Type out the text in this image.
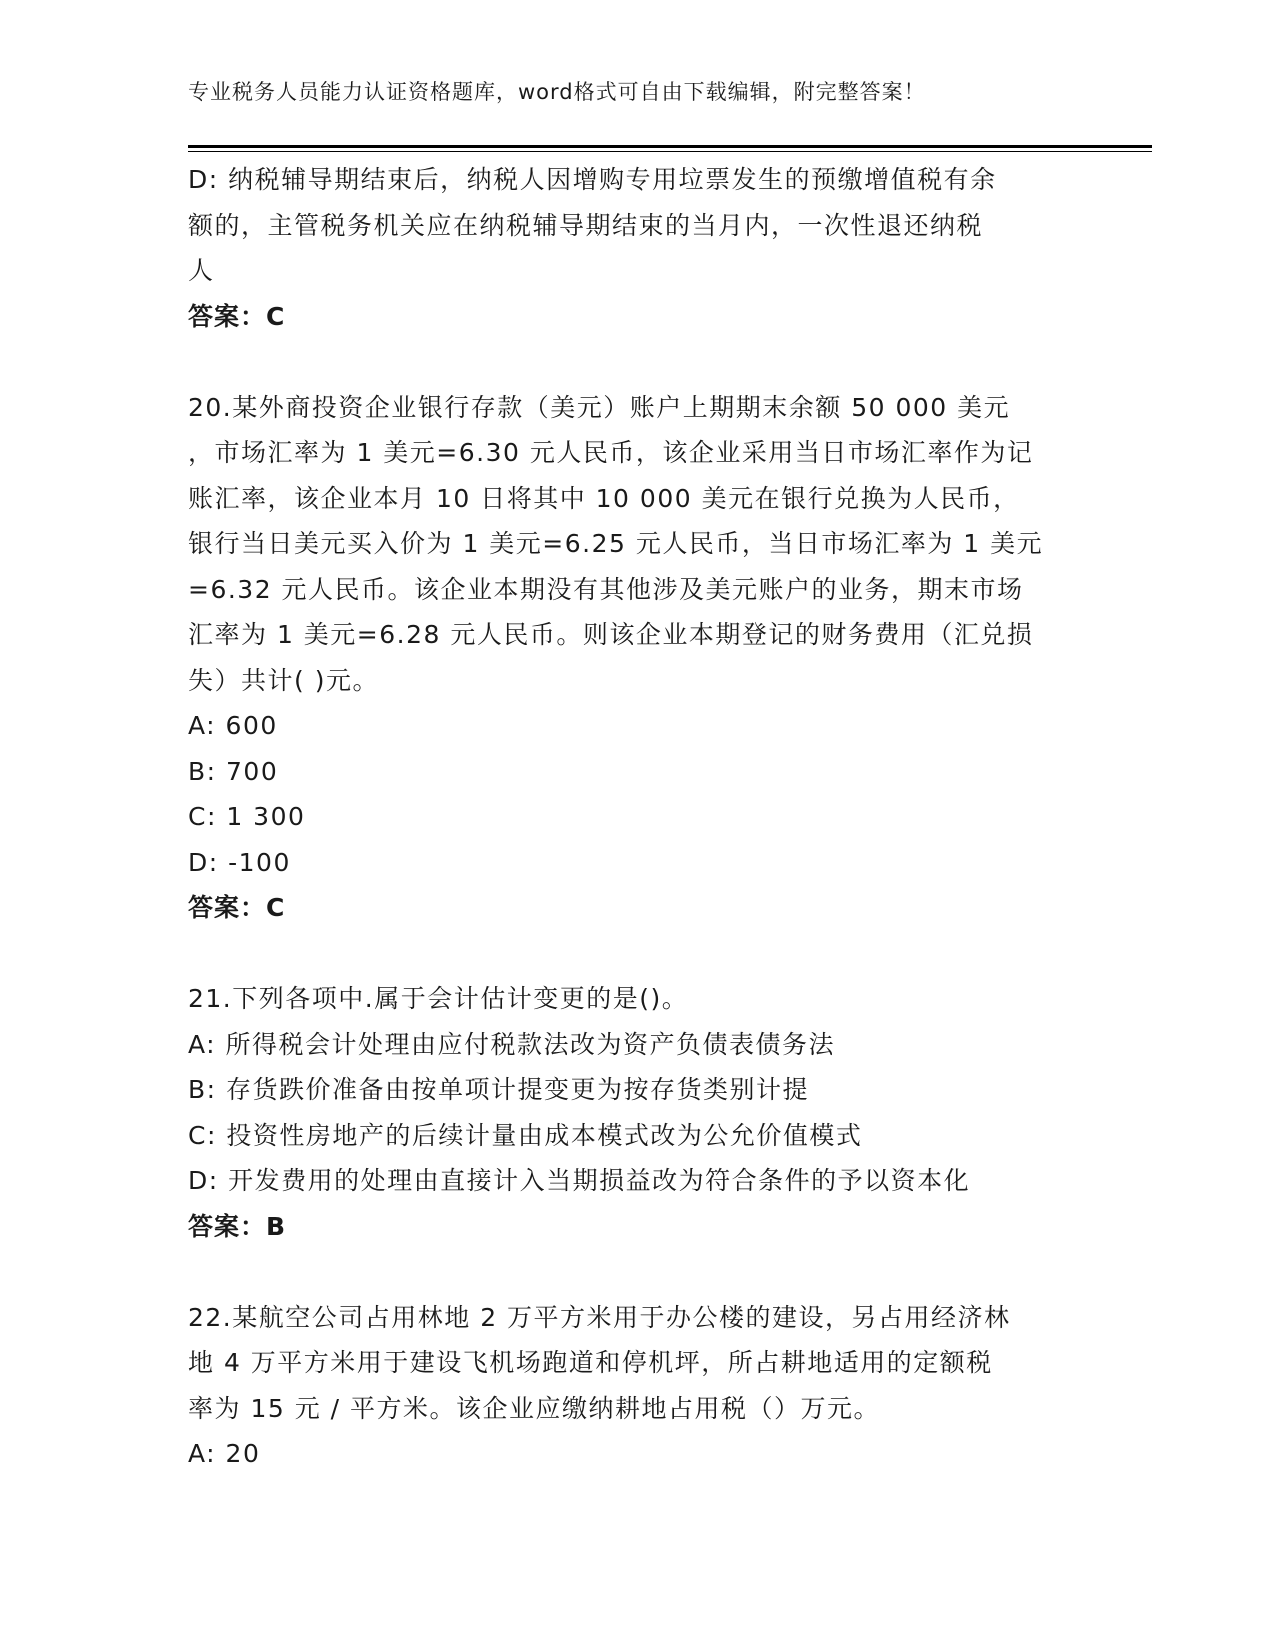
专业税务人员能力认证资格题库，word格式可自由下载编辑，附完整答案！
D: 纳税辅导期结束后，纳税人因增购专用垃票发生的预缴增值税有余
额的，主管税务机关应在纳税辅导期结束的当月内，一次性退还纳税
人
答案：C
20.某外商投资企业银行存款（美元）账户上期期末余额 50 000 美元
，市场汇率为 1 美元=6.30 元人民币，该企业采用当日市场汇率作为记
账汇率，该企业本月 10 日将其中 10 000 美元在银行兑换为人民币，
银行当日美元买入价为 1 美元=6.25 元人民币，当日市场汇率为 1 美元
=6.32 元人民币。该企业本期没有其他涉及美元账户的业务，期末市场
汇率为 1 美元=6.28 元人民币。则该企业本期登记的财务费用（汇兑损
失）共计( )元。
A: 600
B: 700
C: 1 300
D: -100
答案：C
21.下列各项中.属于会计估计变更的是()。
A: 所得税会计处理由应付税款法改为资产负债表债务法
B: 存货跌价准备由按单项计提变更为按存货类别计提
C: 投资性房地产的后续计量由成本模式改为公允价值模式
D: 开发费用的处理由直接计入当期损益改为符合条件的予以资本化
答案：B
22.某航空公司占用林地 2 万平方米用于办公楼的建设，另占用经济林
地 4 万平方米用于建设飞机场跑道和停机坪，所占耕地适用的定额税
率为 15 元 / 平方米。该企业应缴纳耕地占用税（）万元。
A: 20
